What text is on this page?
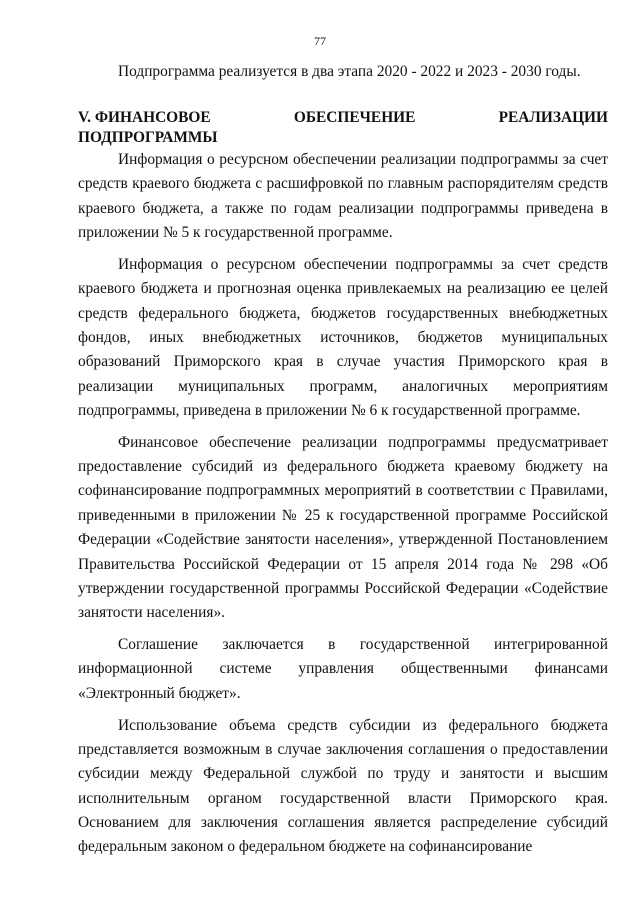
77

Подпрограмма реализуется в два этапа 2020 - 2022 и 2023 - 2030 годы.

V. ФИНАНСОВОЕ	ОБЕСПЕЧЕНИЕ	РЕАЛИЗАЦИИ
ПОДПРОГРАММЫ

Информация о ресурсном обеспечении реализации подпрограммы за счет средств краевого бюджета с расшифровкой по главным распорядителям средств краевого бюджета, а также по годам реализации подпрограммы приведена в приложении № 5 к государственной программе.

Информация о ресурсном обеспечении подпрограммы за счет средств краевого бюджета и прогнозная оценка привлекаемых на реализацию ее целей средств федерального бюджета, бюджетов государственных внебюджетных фондов, иных внебюджетных источников, бюджетов муниципальных образований Приморского края в случае участия Приморского края в реализации муниципальных программ, аналогичных мероприятиям подпрограммы, приведена в приложении № 6 к государственной программе.

Финансовое обеспечение реализации подпрограммы предусматривает предоставление субсидий из федерального бюджета краевому бюджету на софинансирование подпрограммных мероприятий в соответствии с Правилами, приведенными в приложении № 25 к государственной программе Российской Федерации «Содействие занятости населения», утвержденной Постановлением Правительства Российской Федерации от 15 апреля 2014 года № 298 «Об утверждении государственной программы Российской Федерации «Содействие занятости населения».

Соглашение заключается в государственной интегрированной информационной системе управления общественными финансами «Электронный бюджет».

Использование объема средств субсидии из федерального бюджета представляется возможным в случае заключения соглашения о предоставлении субсидии между Федеральной службой по труду и занятости и высшим исполнительным органом государственной власти Приморского края. Основанием для заключения соглашения является распределение субсидий федеральным законом о федеральном бюджете на софинансирование
